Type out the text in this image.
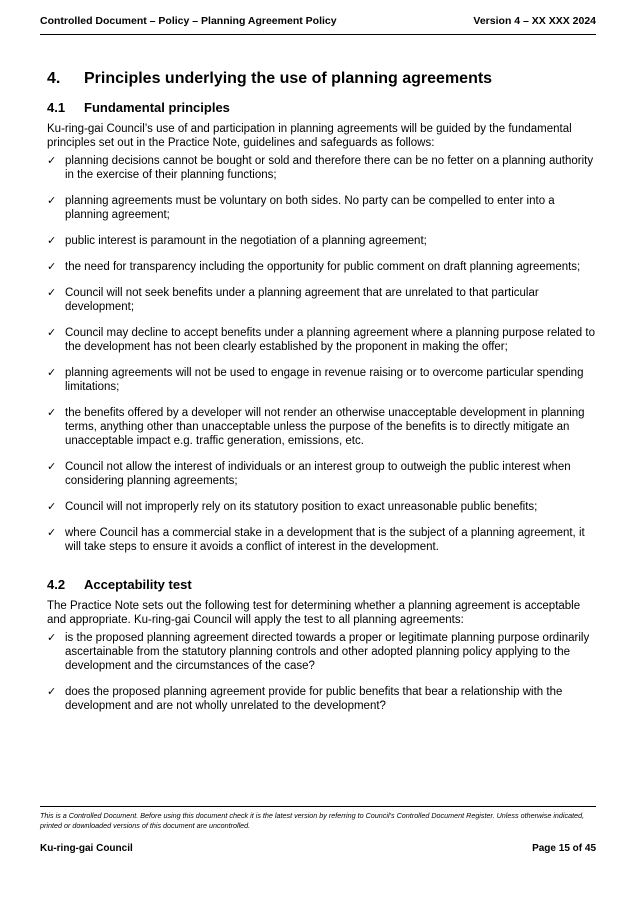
Controlled Document – Policy – Planning Agreement Policy	Version 4 – XX XXX 2024
4.	Principles underlying the use of planning agreements
4.1	Fundamental principles

Ku-ring-gai Council’s use of and participation in planning agreements will be guided by the fundamental principles set out in the Practice Note, guidelines and safeguards as follows:

✓ planning decisions cannot be bought or sold and therefore there can be no fetter on a planning authority in the exercise of their planning functions;
✓ planning agreements must be voluntary on both sides. No party can be compelled to enter into a planning agreement;
✓ public interest is paramount in the negotiation of a planning agreement;
✓ the need for transparency including the opportunity for public comment on draft planning agreements;
✓ Council will not seek benefits under a planning agreement that are unrelated to that particular development;
✓ Council may decline to accept benefits under a planning agreement where a planning purpose related to the development has not been clearly established by the proponent in making the offer;
✓ planning agreements will not be used to engage in revenue raising or to overcome particular spending limitations;
✓ the benefits offered by a developer will not render an otherwise unacceptable development in planning terms, anything other than unacceptable unless the purpose of the benefits is to directly mitigate an unacceptable impact e.g. traffic generation, emissions, etc.
✓ Council not allow the interest of individuals or an interest group to outweigh the public interest when considering planning agreements;
✓ Council will not improperly rely on its statutory position to exact unreasonable public benefits;
✓ where Council has a commercial stake in a development that is the subject of a planning agreement, it will take steps to ensure it avoids a conflict of interest in the development.
4.2	Acceptability test

The Practice Note sets out the following test for determining whether a planning agreement is acceptable and appropriate. Ku-ring-gai Council will apply the test to all planning agreements:

✓ is the proposed planning agreement directed towards a proper or legitimate planning purpose ordinarily ascertainable from the statutory planning controls and other adopted planning policy applying to the development and the circumstances of the case?
✓ does the proposed planning agreement provide for public benefits that bear a relationship with the development and are not wholly unrelated to the development?
This is a Controlled Document. Before using this document check it is the latest version by referring to Council’s Controlled Document Register. Unless otherwise indicated, printed or downloaded versions of this document are uncontrolled.
Ku-ring-gai Council	Page 15 of 45
